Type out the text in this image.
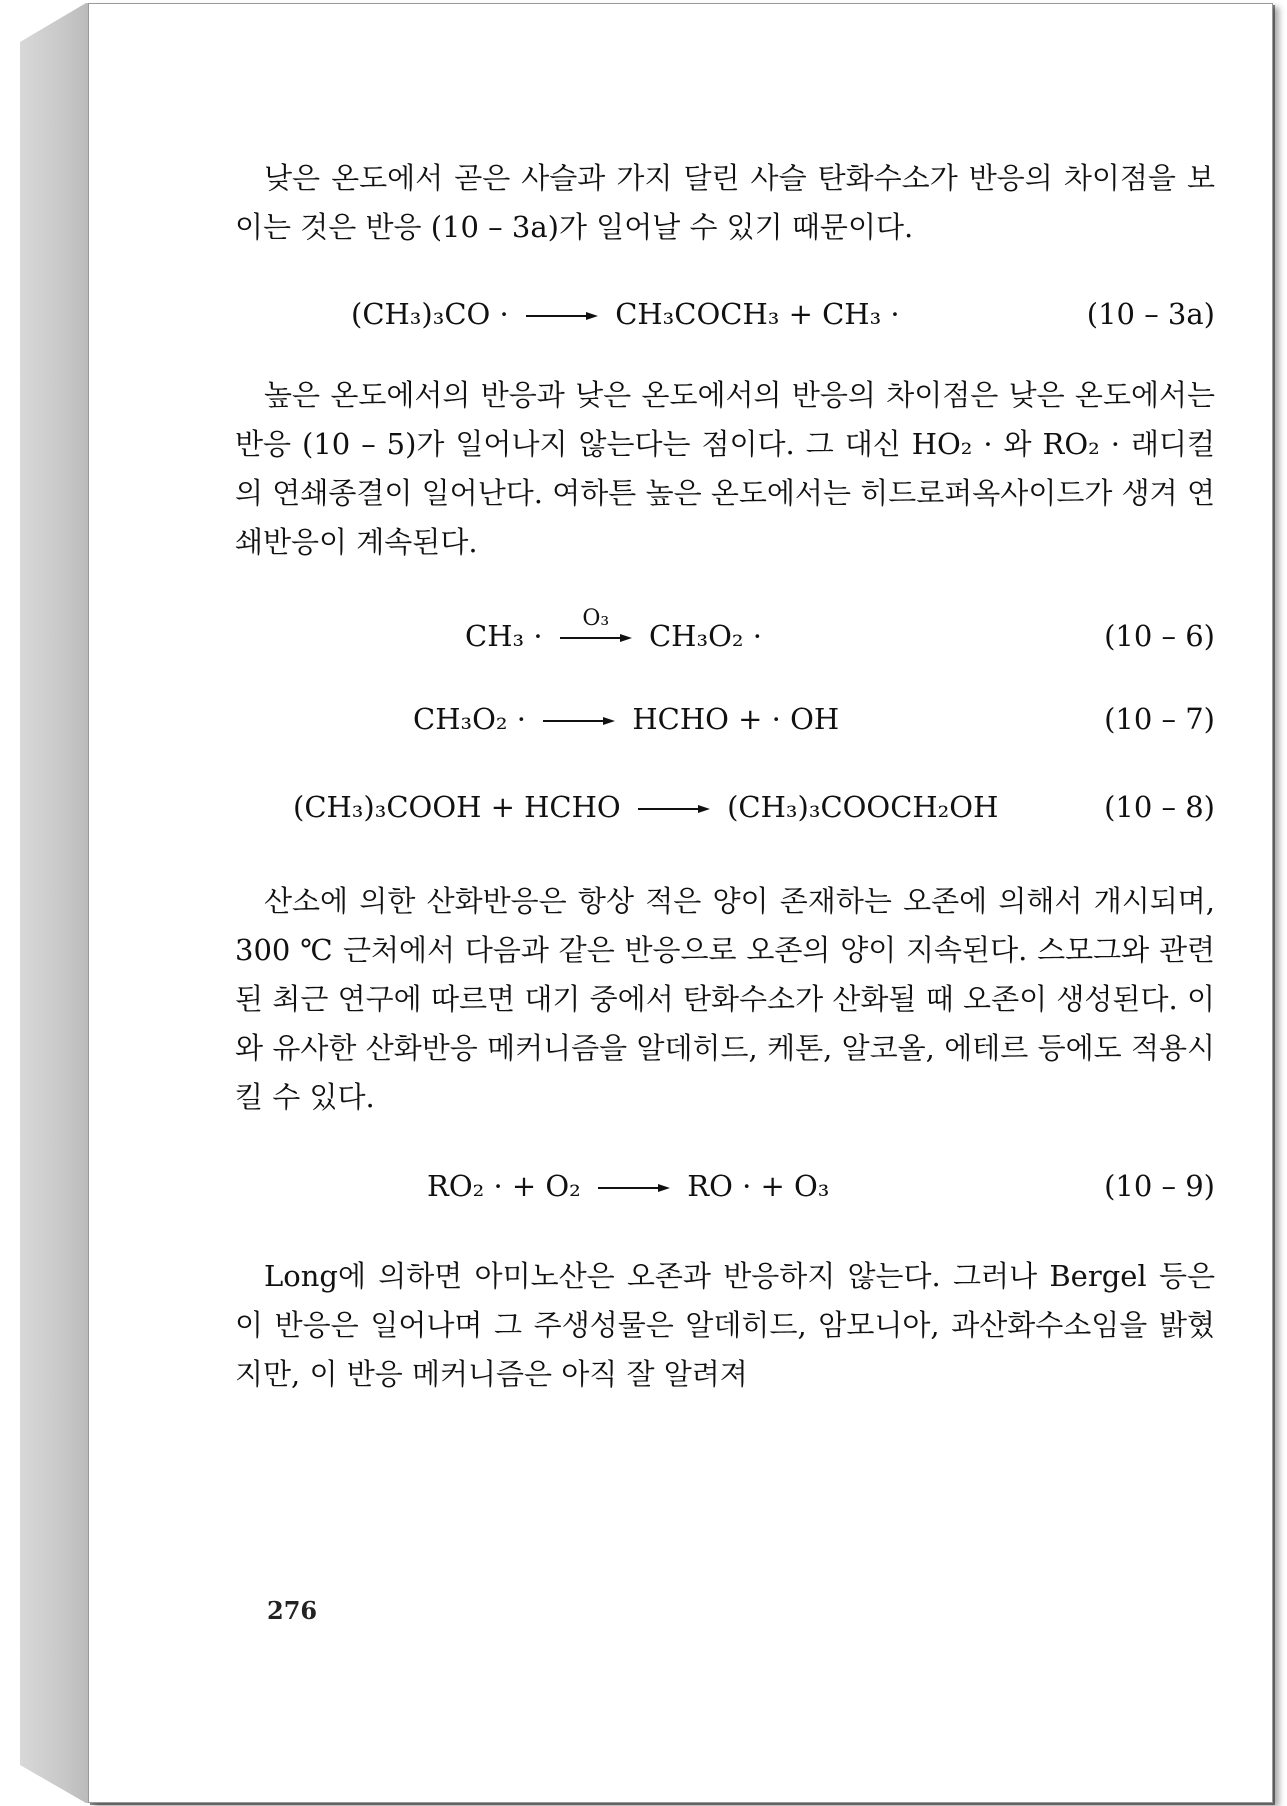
낮은 온도에서 곧은 사슬과 가지 달린 사슬 탄화수소가 반응의 차이점을 보이는 것은 반응 (10 – 3a)가 일어날 수 있기 때문이다.

(CH₃)₃CO · → CH₃COCH₃ + CH₃ ·	(10 – 3a)

높은 온도에서의 반응과 낮은 온도에서의 반응의 차이점은 낮은 온도에서는 반응 (10 – 5)가 일어나지 않는다는 점이다. 그 대신 HO₂ · 와 RO₂ · 래디컬의 연쇄종결이 일어난다. 여하튼 높은 온도에서는 히드로퍼옥사이드가 생겨 연쇄반응이 계속된다.

CH₃ ·
O₃
CH₃O₂ ·	(10 – 6)
CH₃O₂ · → HCHO + · OH	(10 – 7)
(CH₃)₃COOH + HCHO → (CH₃)₃COOCH₂OH	(10 – 8)

산소에 의한 산화반응은 항상 적은 양이 존재하는 오존에 의해서 개시되며, 300 ℃ 근처에서 다음과 같은 반응으로 오존의 양이 지속된다. 스모그와 관련된 최근 연구에 따르면 대기 중에서 탄화수소가 산화될 때 오존이 생성된다. 이와 유사한 산화반응 메커니즘을 알데히드, 케톤, 알코올, 에테르 등에도 적용시킬 수 있다.

RO₂ · + O₂ → RO · + O₃	(10 – 9)

Long에 의하면 아미노산은 오존과 반응하지 않는다. 그러나 Bergel 등은 이 반응은 일어나며 그 주생성물은 알데히드, 암모니아, 과산화수소임을 밝혔지만, 이 반응 메커니즘은 아직 잘 알려져

276
